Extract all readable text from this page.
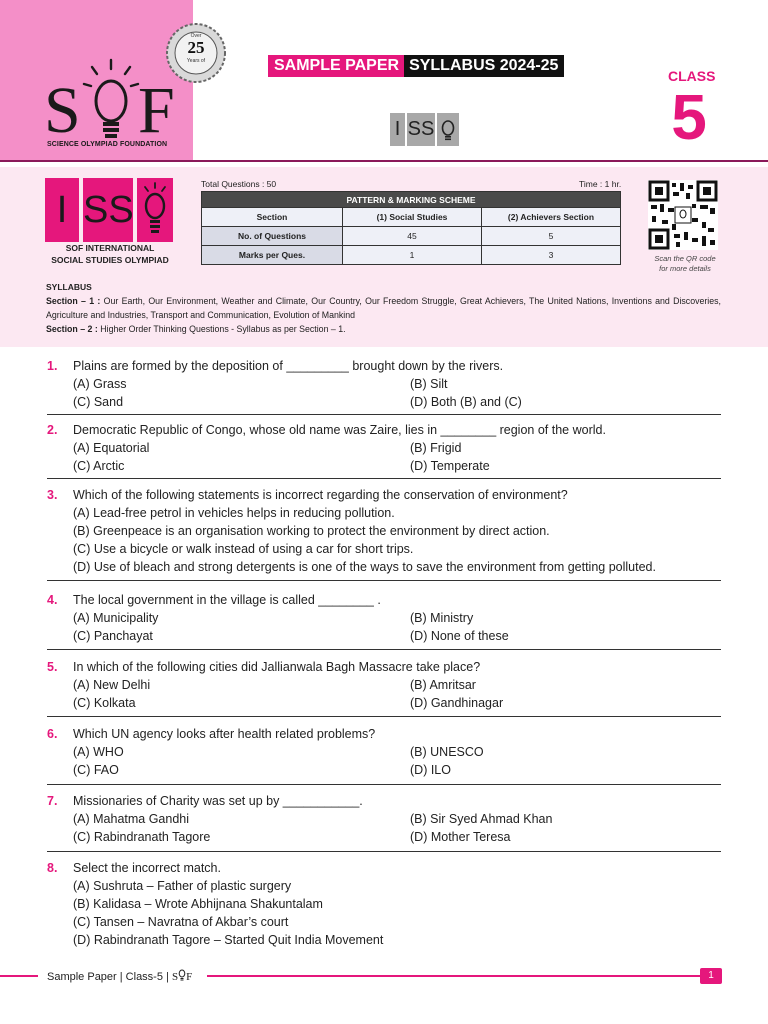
Over
25
Years of
S F
SCIENCE OLYMPIAD FOUNDATION
SAMPLE PAPER SYLLABUS 2024-25
I SS
CLASS
5
I SS
SOF INTERNATIONAL
SOCIAL STUDIES OLYMPIAD
Total Questions : 50	Time : 1 hr.
PATTERN & MARKING SCHEME		
Section	(1) Social Studies	(2) Achievers Section
No. of Questions	45	5
Marks per Ques.	1	3	Scan the QR code
for more details
SYLLABUS
Section – 1 : Our Earth, Our Environment, Weather and Climate, Our Country, Our Freedom Struggle, Great Achievers, The United Nations, Inventions and Discoveries, Agriculture and Industries, Transport and Communication, Evolution of Mankind
Section – 2 : Higher Order Thinking Questions - Syllabus as per Section – 1.
1. Plains are formed by the deposition of _________ brought down by the rivers.
(A) Grass	(B) Silt
(C) Sand	(D) Both (B) and (C)
2. Democratic Republic of Congo, whose old name was Zaire, lies in ________ region of the world.
(A) Equatorial	(B) Frigid
(C) Arctic	(D) Temperate
3. Which of the following statements is incorrect regarding the conservation of environment?
(A) Lead-free petrol in vehicles helps in reducing pollution.
(B) Greenpeace is an organisation working to protect the environment by direct action.
(C) Use a bicycle or walk instead of using a car for short trips.
(D) Use of bleach and strong detergents is one of the ways to save the environment from getting polluted.
4. The local government in the village is called ________ .
(A) Municipality	(B) Ministry
(C) Panchayat	(D) None of these
5. In which of the following cities did Jallianwala Bagh Massacre take place?
(A) New Delhi	(B) Amritsar
(C) Kolkata	(D) Gandhinagar
6. Which UN agency looks after health related problems?
(A) WHO	(B) UNESCO
(C) FAO	(D) ILO
7. Missionaries of Charity was set up by ___________.
(A) Mahatma Gandhi	(B) Sir Syed Ahmad Khan
(C) Rabindranath Tagore	(D) Mother Teresa
8. Select the incorrect match.
(A) Sushruta – Father of plastic surgery
(B) Kalidasa – Wrote Abhijnana Shakuntalam
(C) Tansen – Navratna of Akbar’s court
(D) Rabindranath Tagore – Started Quit India Movement
Sample Paper | Class-5 | S F	1
